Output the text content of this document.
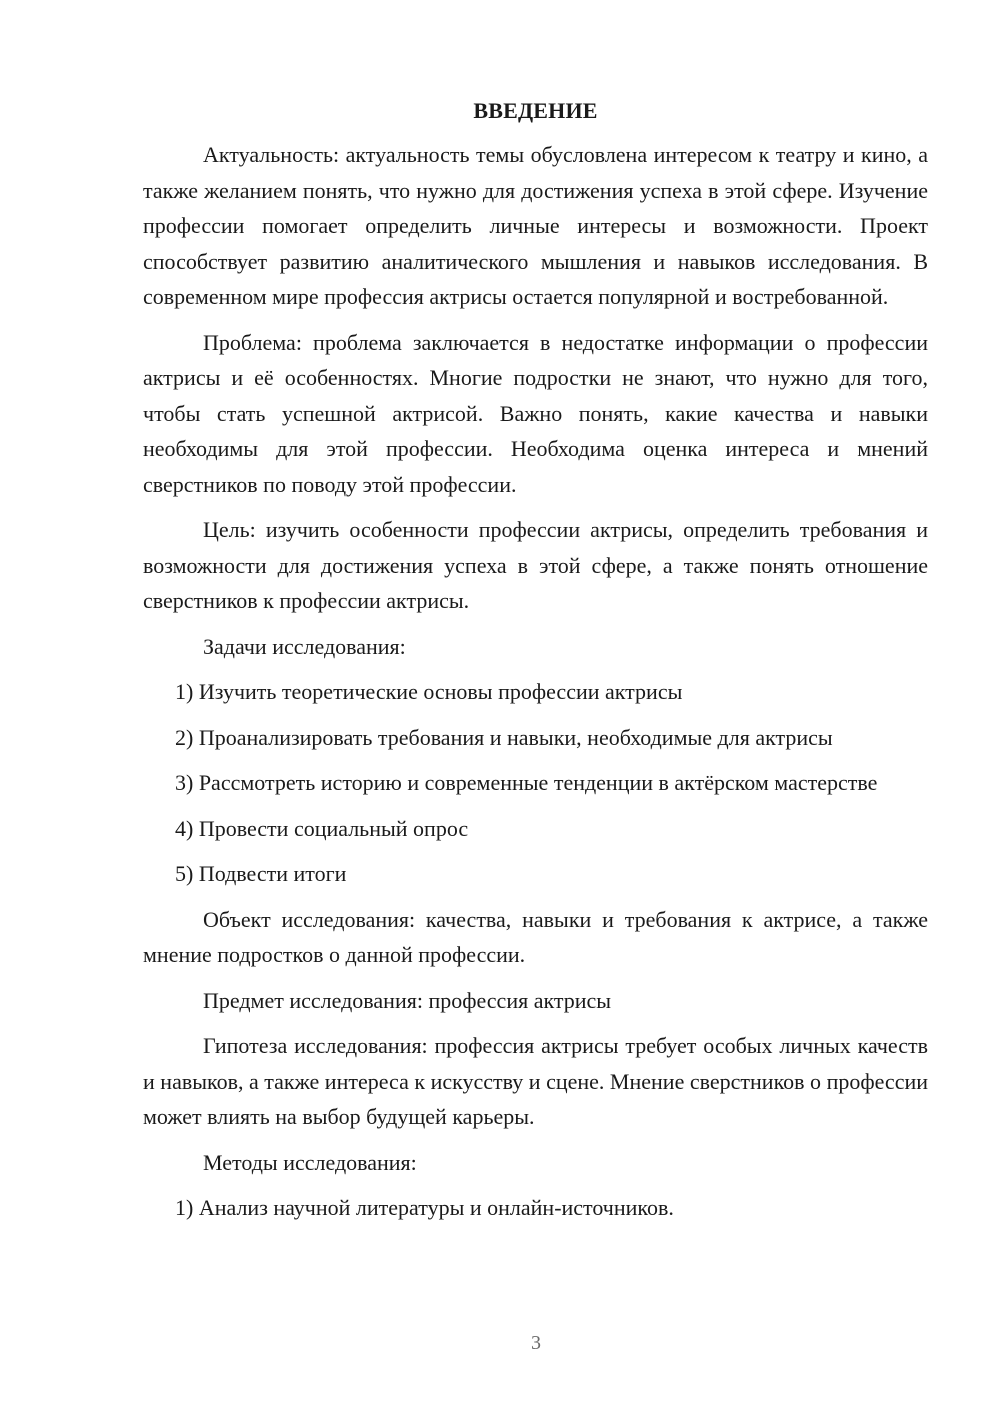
ВВЕДЕНИЕ

Актуальность: актуальность темы обусловлена интересом к театру и кино, а также желанием понять, что нужно для достижения успеха в этой сфере. Изучение профессии помогает определить личные интересы и возможности. Проект способствует развитию аналитического мышления и навыков исследования. В современном мире профессия актрисы остается популярной и востребованной.

Проблема: проблема заключается в недостатке информации о профессии актрисы и её особенностях. Многие подростки не знают, что нужно для того, чтобы стать успешной актрисой. Важно понять, какие качества и навыки необходимы для этой профессии. Необходима оценка интереса и мнений сверстников по поводу этой профессии.

Цель: изучить особенности профессии актрисы, определить требования и возможности для достижения успеха в этой сфере, а также понять отношение сверстников к профессии актрисы.

Задачи исследования:

1) Изучить теоретические основы профессии актрисы

2) Проанализировать требования и навыки, необходимые для актрисы

3) Рассмотреть историю и современные тенденции в актёрском мастерстве

4) Провести социальный опрос

5) Подвести итоги

Объект исследования: качества, навыки и требования к актрисе, а также мнение подростков о данной профессии.

Предмет исследования: профессия актрисы

Гипотеза исследования: профессия актрисы требует особых личных качеств и навыков, а также интереса к искусству и сцене. Мнение сверстников о профессии может влиять на выбор будущей карьеры.

Методы исследования:

1) Анализ научной литературы и онлайн-источников.

3
